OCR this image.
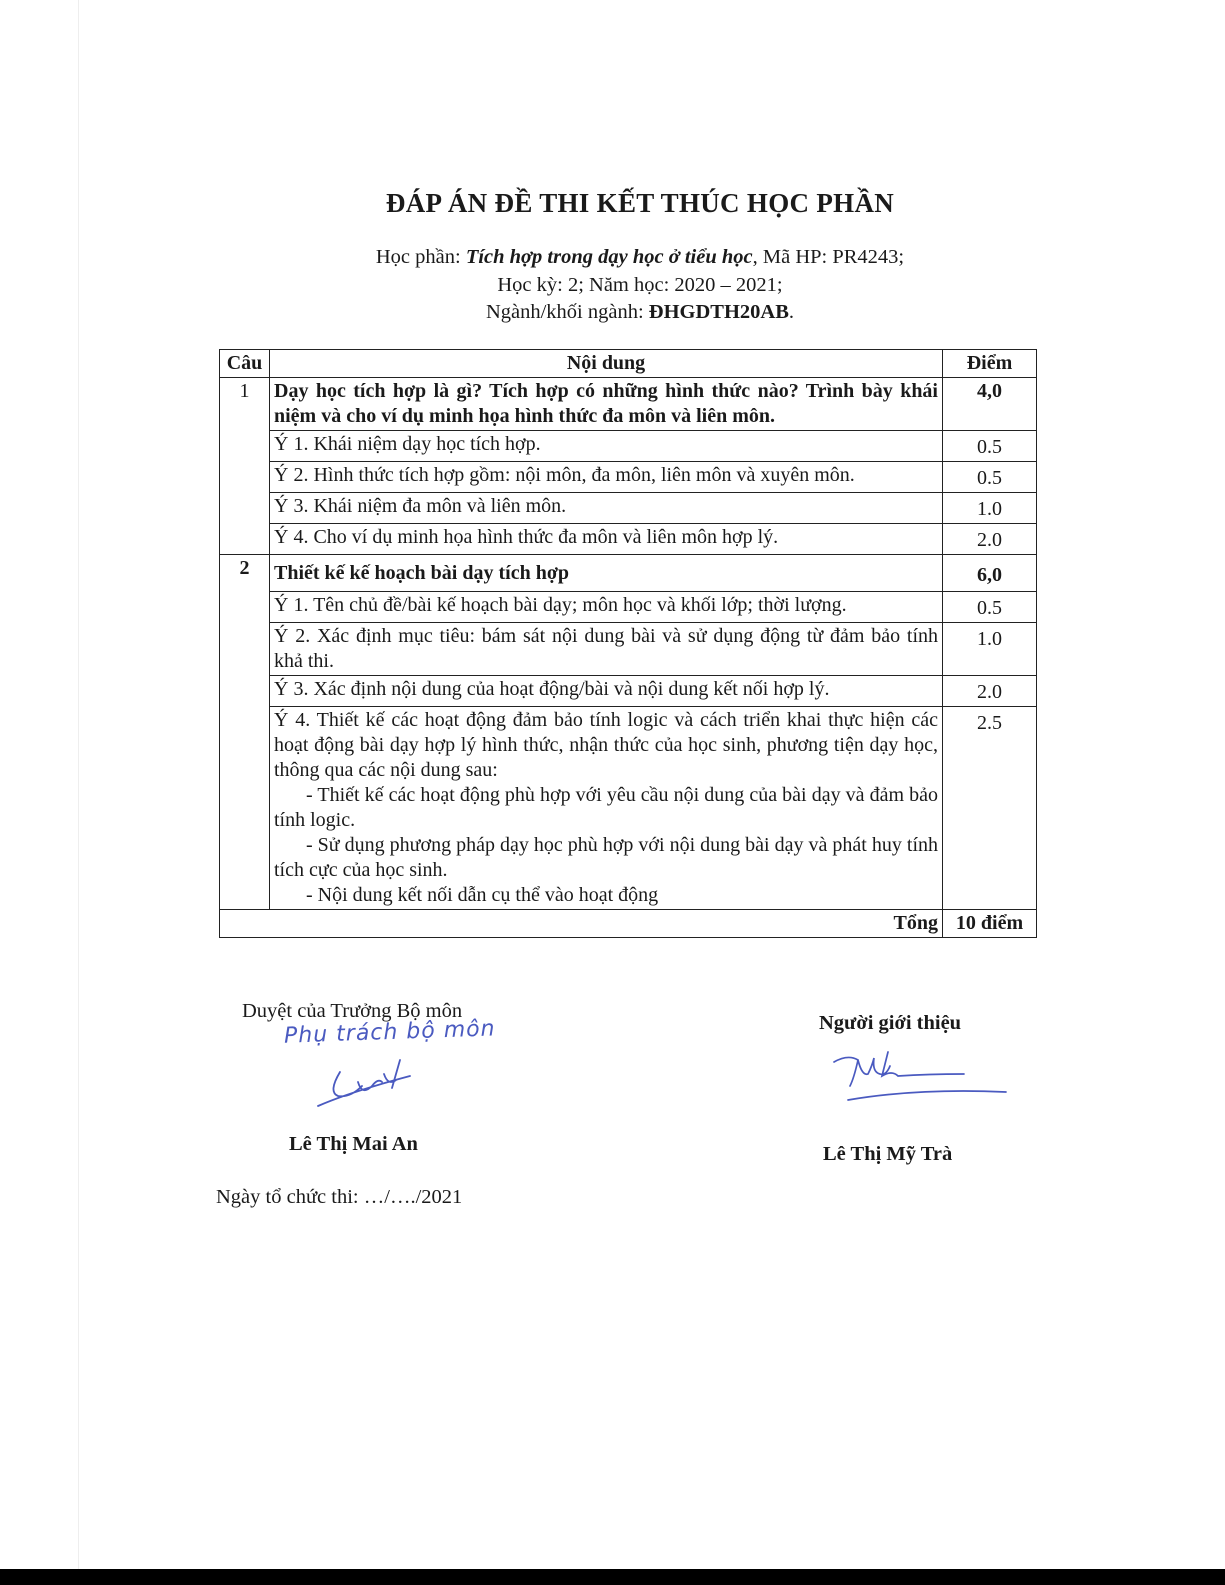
ĐÁP ÁN ĐỀ THI KẾT THÚC HỌC PHẦN
Học phần: Tích hợp trong dạy học ở tiểu học, Mã HP: PR4243;
Học kỳ: 2; Năm học: 2020 – 2021;
Ngành/khối ngành: ĐHGDTH20AB.
Câu	Nội dung	Điểm
1	Dạy học tích hợp là gì? Tích hợp có những hình thức nào? Trình bày khái niệm và cho ví dụ minh họa hình thức đa môn và liên môn.	4,0
	Ý 1. Khái niệm dạy học tích hợp.	0.5
	Ý 2. Hình thức tích hợp gồm: nội môn, đa môn, liên môn và xuyên môn.	0.5
	Ý 3. Khái niệm đa môn và liên môn.	1.0
	Ý 4. Cho ví dụ minh họa hình thức đa môn và liên môn hợp lý.	2.0
2	Thiết kế kế hoạch bài dạy tích hợp	6,0
	Ý 1. Tên chủ đề/bài kế hoạch bài dạy; môn học và khối lớp; thời lượng.	0.5
	Ý 2. Xác định mục tiêu: bám sát nội dung bài và sử dụng động từ đảm bảo tính khả thi.	1.0
	Ý 3. Xác định nội dung của hoạt động/bài và nội dung kết nối hợp lý.	2.0

	Ý 4. Thiết kế các hoạt động đảm bảo tính logic và cách triển khai thực hiện các hoạt động bài dạy hợp lý hình thức, nhận thức của học sinh, phương tiện dạy học, thông qua các nội dung sau:
- Thiết kế các hoạt động phù hợp với yêu cầu nội dung của bài dạy và đảm bảo tính logic.
- Sử dụng phương pháp dạy học phù hợp với nội dung bài dạy và phát huy tính tích cực của học sinh.
- Nội dung kết nối dẫn cụ thể vào hoạt động	2.5
Tổng		10 điểm
Duyệt của Trưởng Bộ môn
Phụ trách bộ môn
Lê Thị Mai An
Người giới thiệu
Lê Thị Mỹ Trà
Ngày tổ chức thi: …/…./2021
